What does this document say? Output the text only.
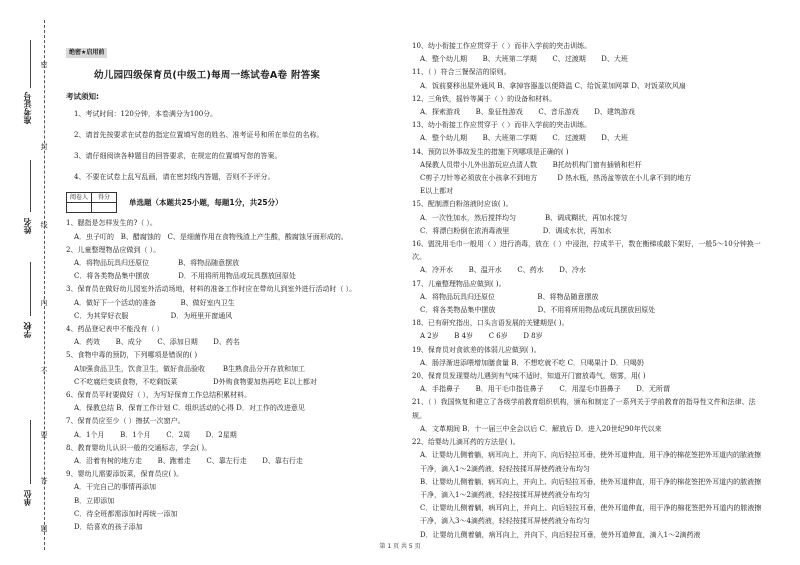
准考证号
姓名
学校
单位
密
封
线
内
不
要
答
题
绝密★启用前
幼儿园四级保育员(中级工)每周一练试卷A卷 附答案
考试须知:
1、考试时间：120分钟，本卷满分为100分。
2、请首先按要求在试卷的指定位置填写您的姓名、准考证号和所在单位的名称。
3、请仔细阅读各种题目的回答要求，在规定的位置填写您的答案。
4、不要在试卷上乱写乱画，请在密封线内答题，否则不予评分。
阅卷人	得分

单选题（本题共25小题，每题1分，共25分）
1、腮指是怎样发生的?（ ）。
A．虫子叮的   B、醋腐蚀的   C、是细菌作用在食物残渣上产生酸，酸腐蚀牙面形成的。
2、儿童整理物品应做到（ ）。
A．将物品玩具归还原位             B、将物品随意摆放
C．将各类物品集中摆放             D．不用将所用物品或玩具摆放回原处
3、保育员在做好幼儿园室外活动场地，材料的准备工作时应在带幼儿到室外进行活动时（ ）。
A．做好下一个活动的准备           B、做好室内卫生
C．为其穿好衣服                   D．为班里开窗通风
4、药品登记表中不能没有（ ）
A．药效       B、成分       C、添加日期       D、药名
5、食物中毒的预防，下列哪项是错误的( )
A加强食品卫生，饮食卫生，做好食品验收        B生熟食品分开存放和加工
C不吃腐烂变质食物，不吃剩饭菜                D外购食物要加热再吃 E以上都对
6、保育员平时要做好（ ），为写好保育工作总结积累材料。
A．保教总结 B．保育工作计划 C．组织活动的心得 D．对工作的改进意见
7、保育员应至少（ ）擦拭一次窗户。
A．1个月       B．1个月       C．2周       D．2星期
8、教育婴幼儿认识一般的交通标志，学会( )。
A．沿着有树的地方走       B、跑着走       C、靠左行走       D、靠右行走
9、婴幼儿需要添饭菜，保育员应( )。
A．干完自己的事情再添加
B．立即添加
C．待全班都需添加时再统一添加
D．给喜欢的孩子添加
10、幼小衔接工作应贯穿于（ ）而非入学前的突击训练。
A．整个幼儿期       B、大班第二学期       C、过渡期       D、大班
11、（ ）符合三餐保洁的原则。
A．饭前要移出屋外通风 B、拿掉容器盖以便降温 C、给饭菜加网罩 D、对饭菜吹风扇
12、三角铁，摇铃等属于（ ）的设备和材料。
A．探索游戏       B、象征性游戏       C、音乐游戏       D、建筑游戏
13、幼小衔接工作应贯穿于（ ）而非入学前的突击训练。
A．整个幼儿期       B、大班第二学期       C．过渡期       D、大班
14、预防以外事故发生的措施下列哪项是正确的( )
A保教人员带小儿外出游玩应点清人数       B托幼机构门窗有插销和栏杆
C剪子刀针等必须放在小孩拿不到地方         D 热水瓶，热汤盆等放在小儿拿不到的地方
E以上都对
15、配制漂白粉溶液时应该( )。
A．一次性加水，然后搅拌均匀             B、调成糊状，再加水搅匀
C．将漂白粉倒在浓消毒液里               D．调成水状，再加水
16、盥洗用毛巾一般用（ ）进行消毒，放在（ ）中浸泡，拧成半干，数在衡梯或敲下架好，一般5～10分钟换一次。
A．冷开水       B、温开水       C、药水       D、冷水
17、儿童整理物品应做到( )。
A．将物品玩具归还原位                   B、将物品随意摆放
C．将各类物品集中摆放                   D、不用将所用物品或玩具摆放回原处
18、已有研究指出，口头言语发展的关键期是( )。
A 2岁       B 4岁       C 6岁       D 8岁
19、保育员对食欲差的体弱儿应做到( )。
A．肠浮渐进添喂增加膳食量 B．不想吃就不吃 C．只喝果汁 D．只喝奶
20、保育员发现婴幼儿遇到有气味不适时，知道开门窗放毒气，烟雾，用( )
A．手指鼻子       B．用干毛巾指住鼻子       C．用湿毛巾捂鼻子       D．无所谓
21、（ ）我国恢复和建立了各级学前教育组织机构，颁布和制定了一系列关于学前教育的指导性文件和法律、法规。
A．文革期间 B．十一届三中全会以后 C．解放后 D．进入20世纪90年代以来
22、给婴幼儿滴耳药的方法是( )。
A．让婴幼儿侧着躺，病耳向上，并向下、向后轻拉耳垂，使外耳道伸直，用干净的棉花签把外耳道内的脓液擦干净，滴入1～2滴药液，轻轻按揉耳屏使药液分布均匀
B．让婴幼儿侧着躺，病耳向上，并向上、向后轻拉耳垂，使外耳道伸直，用干净的棉花签把外耳道内的脓液擦干净，滴入1～2滴药液，轻轻按揉耳屏使药液分布均匀
C．让婴幼儿侧着躺，病耳向上，并向上、向后轻拉耳垂，使外耳道伸直，用干净的棉花签把外耳道内的脓液擦干净，滴入3～4滴药液，轻轻按揉耳屏使药液分布均匀
D．让婴幼儿侧着躺，病耳向上，并向下、向后轻拉耳垂，使外耳道伸直，滴入1～2滴药液
第 1 页 共 5 页
